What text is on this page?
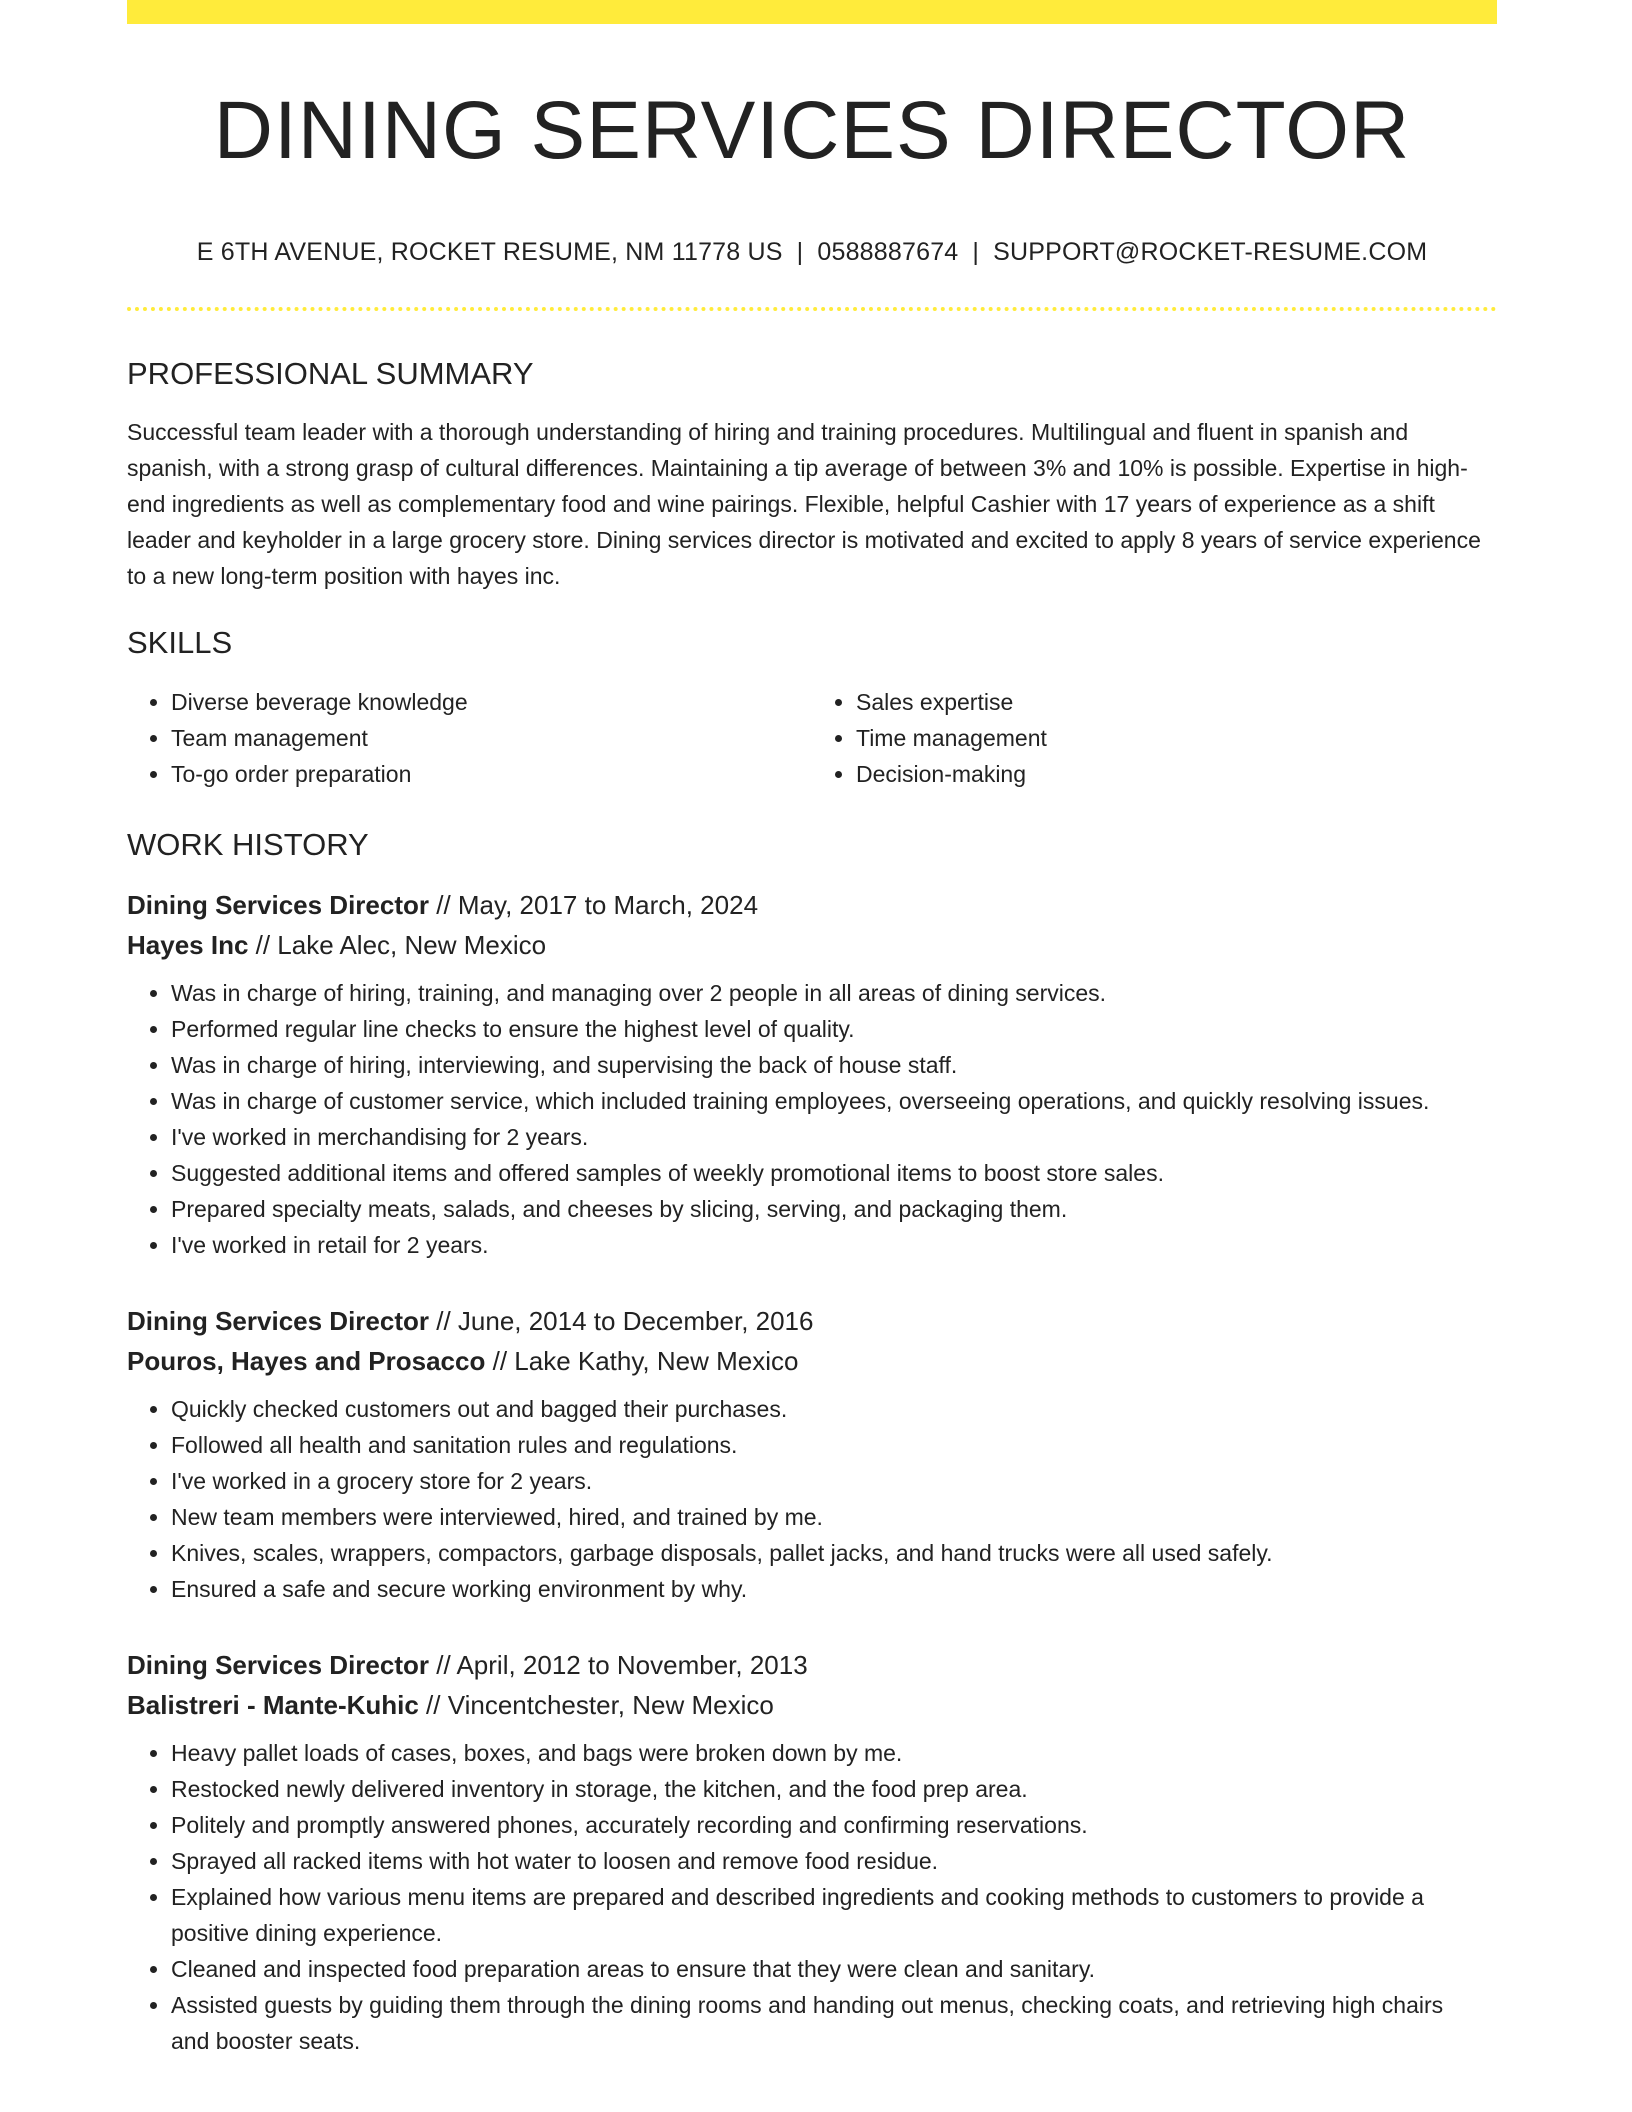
DINING SERVICES DIRECTOR
E 6TH AVENUE, ROCKET RESUME, NM 11778 US | 0588887674 | SUPPORT@ROCKET-RESUME.COM
PROFESSIONAL SUMMARY

Successful team leader with a thorough understanding of hiring and training procedures. Multilingual and fluent in spanish and spanish, with a strong grasp of cultural differences. Maintaining a tip average of between 3% and 10% is possible. Expertise in high-end ingredients as well as complementary food and wine pairings. Flexible, helpful Cashier with 17 years of experience as a shift leader and keyholder in a large grocery store. Dining services director is motivated and excited to apply 8 years of service experience to a new long-term position with hayes inc.

SKILLS
• Diverse beverage knowledge
• Team management
• To-go order preparation
• Sales expertise
• Time management
• Decision-making
WORK HISTORY
Dining Services Director // May, 2017 to March, 2024
Hayes Inc // Lake Alec, New Mexico
• Was in charge of hiring, training, and managing over 2 people in all areas of dining services.
• Performed regular line checks to ensure the highest level of quality.
• Was in charge of hiring, interviewing, and supervising the back of house staff.
• Was in charge of customer service, which included training employees, overseeing operations, and quickly resolving issues.
• I've worked in merchandising for 2 years.
• Suggested additional items and offered samples of weekly promotional items to boost store sales.
• Prepared specialty meats, salads, and cheeses by slicing, serving, and packaging them.
• I've worked in retail for 2 years.
Dining Services Director // June, 2014 to December, 2016
Pouros, Hayes and Prosacco // Lake Kathy, New Mexico
• Quickly checked customers out and bagged their purchases.
• Followed all health and sanitation rules and regulations.
• I've worked in a grocery store for 2 years.
• New team members were interviewed, hired, and trained by me.
• Knives, scales, wrappers, compactors, garbage disposals, pallet jacks, and hand trucks were all used safely.
• Ensured a safe and secure working environment by why.
Dining Services Director // April, 2012 to November, 2013
Balistreri - Mante-Kuhic // Vincentchester, New Mexico
• Heavy pallet loads of cases, boxes, and bags were broken down by me.
• Restocked newly delivered inventory in storage, the kitchen, and the food prep area.
• Politely and promptly answered phones, accurately recording and confirming reservations.
• Sprayed all racked items with hot water to loosen and remove food residue.
• Explained how various menu items are prepared and described ingredients and cooking methods to customers to provide a positive dining experience.
• Cleaned and inspected food preparation areas to ensure that they were clean and sanitary.
• Assisted guests by guiding them through the dining rooms and handing out menus, checking coats, and retrieving high chairs and booster seats.
